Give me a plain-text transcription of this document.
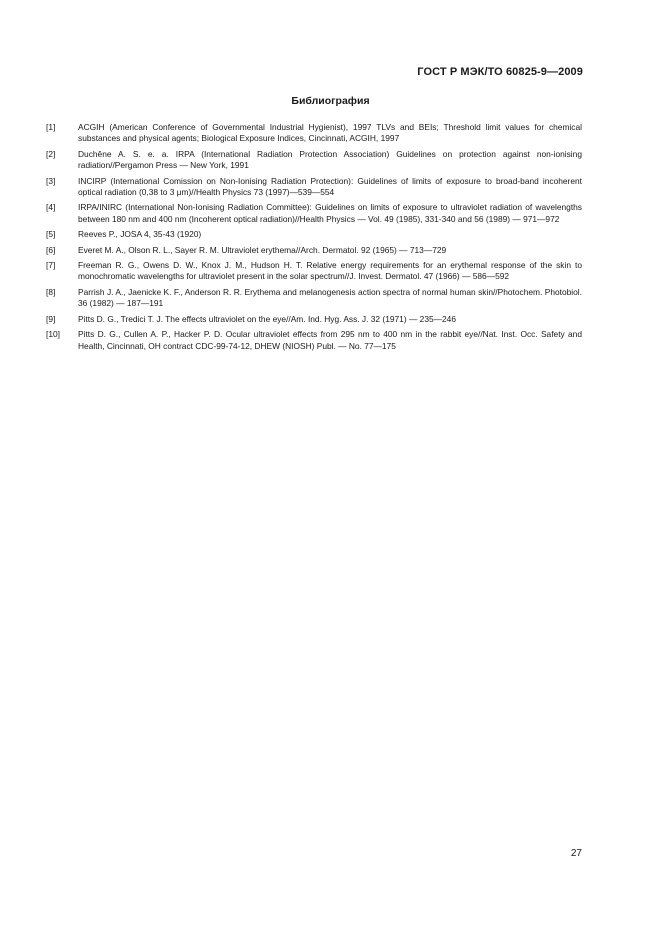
ГОСТ Р МЭК/ТО 60825-9—2009
Библиография
[1]	ACGIH (American Conference of Governmental Industrial Hygienist), 1997 TLVs and BEIs; Threshold limit values for chemical substances and physical agents; Biological Exposure Indices, Cincinnati, ACGIH, 1997
[2]	Duchêne A. S. e. a. IRPA (International Radiation Protection Association) Guidelines on protection against non-ionising radiation//Pergamon Press — New York, 1991
[3]	INCIRP (International Comission on Non-Ionising Radiation Protection): Guidelines of limits of exposure to broad-band incoherent optical radiation (0,38 to 3 μm)//Health Physics 73 (1997)—539—554
[4]	IRPA/INIRC (International Non-Ionising Radiation Committee): Guidelines on limits of exposure to ultraviolet radiation of wavelengths between 180 nm and 400 nm (Incoherent optical radiation)//Health Physics — Vol. 49 (1985), 331-340 and 56 (1989) — 971—972
[5]	Reeves P., JOSA 4, 35-43 (1920)
[6]	Everet M. A., Olson R. L., Sayer R. M. Ultraviolet erythema//Arch. Dermatol. 92 (1965) — 713—729
[7]	Freeman R. G., Owens D. W., Knox J. M., Hudson H. T. Relative energy requirements for an erythemal response of the skin to monochromatic wavelengths for ultraviolet present in the solar spectrum//J. Invest. Dermatol. 47 (1966) — 586—592
[8]	Parrish J. A., Jaenicke K. F., Anderson R. R. Erythema and melanogenesis action spectra of normal human skin//Photochem. Photobiol. 36 (1982) — 187—191
[9]	Pitts D. G., Tredici T. J. The effects ultraviolet on the eye//Am. Ind. Hyg. Ass. J. 32 (1971) — 235—246
[10]	Pitts D. G., Cullen A. P., Hacker P. D. Ocular ultraviolet effects from 295 nm to 400 nm in the rabbit eye//Nat. Inst. Occ. Safety and Health, Cincinnati, OH contract CDC-99-74-12, DHEW (NIOSH) Publ. — No. 77—175
27
